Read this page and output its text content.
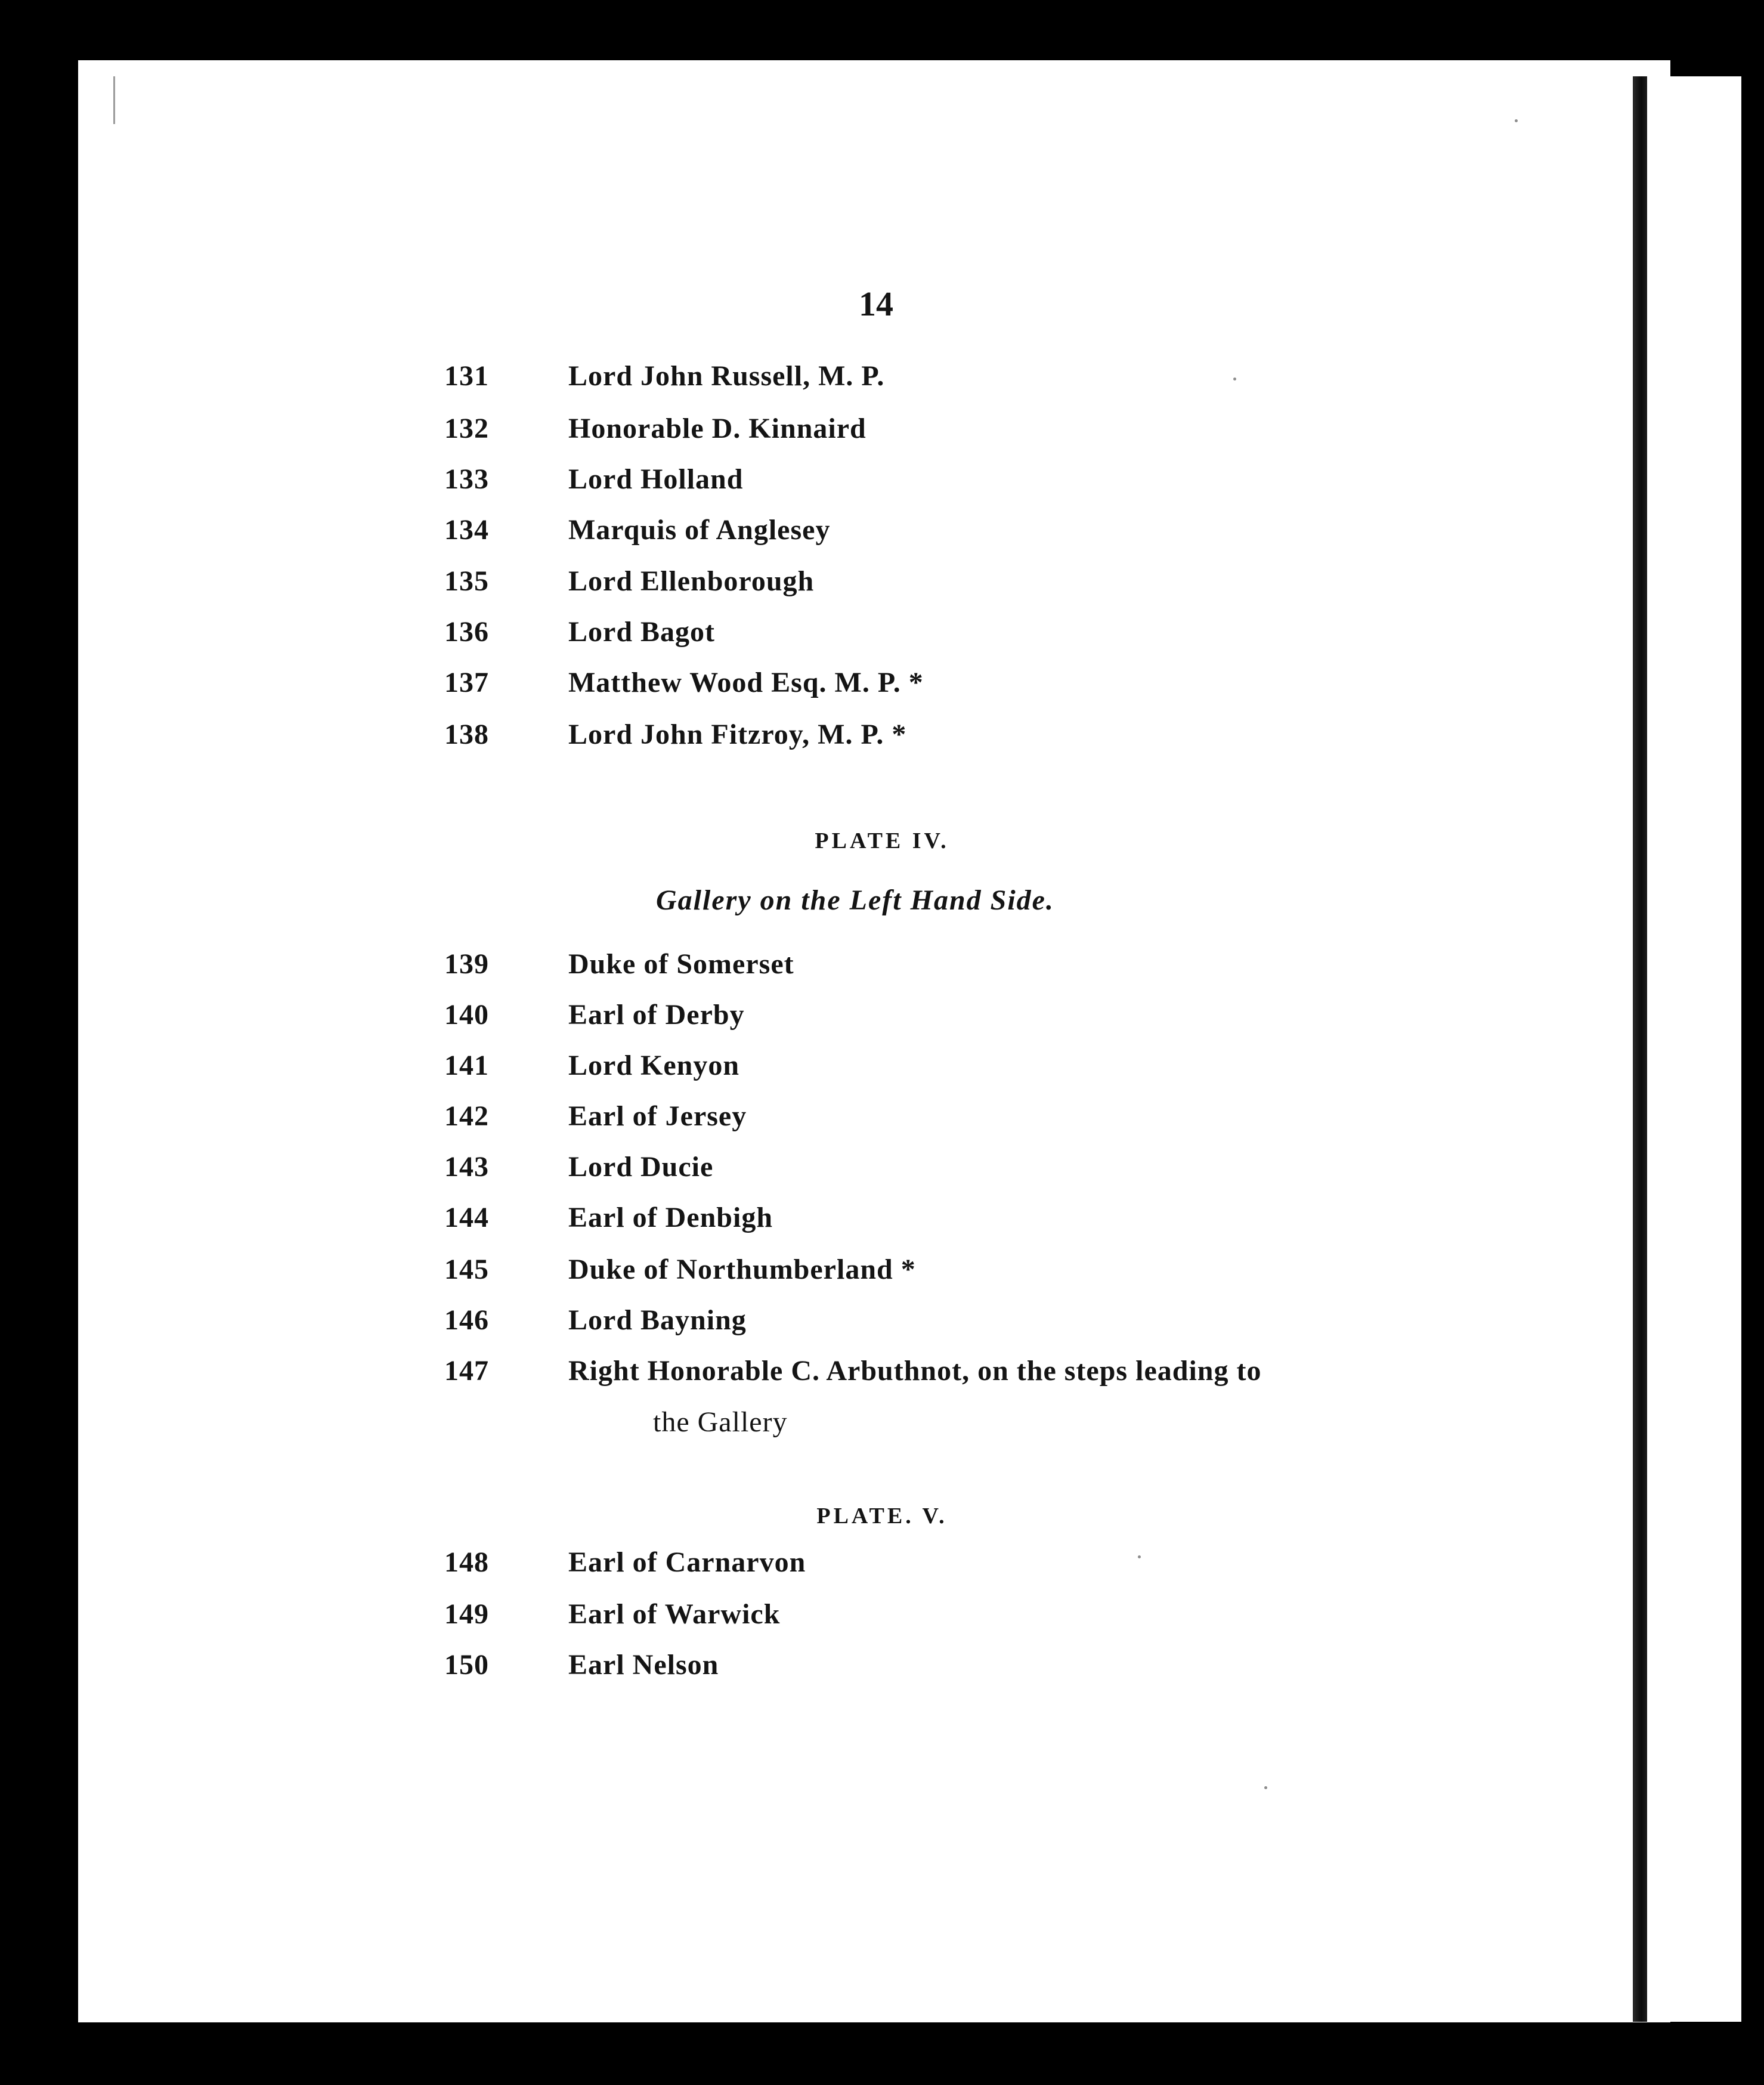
14
131	Lord John Russell, M. P.
132	Honorable D. Kinnaird
133	Lord Holland
134	Marquis of Anglesey
135	Lord Ellenborough
136	Lord Bagot
137	Matthew Wood Esq. M. P. *
138	Lord John Fitzroy, M. P. *
PLATE IV.
Gallery on the Left Hand Side.
139	Duke of Somerset
140	Earl of Derby
141	Lord Kenyon
142	Earl of Jersey
143	Lord Ducie
144	Earl of Denbigh
145	Duke of Northumberland *
146	Lord Bayning
147	Right Honorable C. Arbuthnot, on the steps leading to
the Gallery
PLATE. V.
148	Earl of Carnarvon
149	Earl of Warwick
150	Earl Nelson
